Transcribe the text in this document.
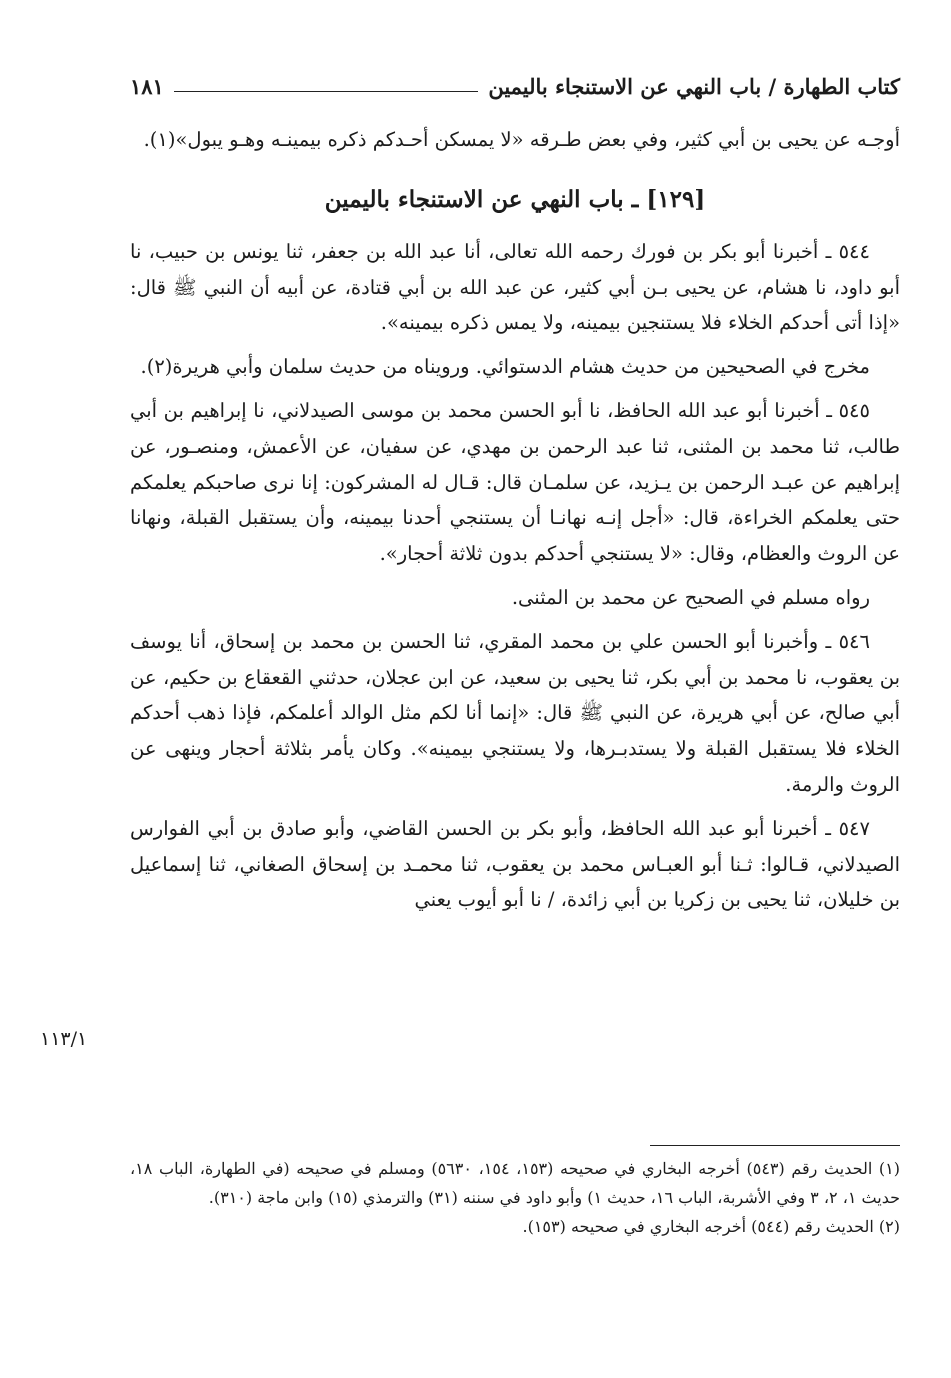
كتاب الطهارة / باب النهي عن الاستنجاء باليمين
١٨١

أوجـه عن يحيى بن أبي كثير، وفي بعض طـرقه «لا يمسكن أحـدكم ذكره بيمينـه وهـو يبول»(١).

[١٢٩] ـ باب النهي عن الاستنجاء باليمين

٥٤٤ ـ أخبرنا أبو بكر بن فورك رحمه الله تعالى، أنا عبد الله بن جعفر، ثنا يونس بن حبيب، نا أبو داود، نا هشام، عن يحيى بـن أبي كثير، عن عبد الله بن أبي قتادة، عن أبيه أن النبي ﷺ قال: «إذا أتى أحدكم الخلاء فلا يستنجين بيمينه، ولا يمس ذكره بيمينه».

مخرج في الصحيحين من حديث هشام الدستوائي. ورويناه من حديث سلمان وأبي هريرة(٢).

٥٤٥ ـ أخبرنا أبو عبد الله الحافظ، نا أبو الحسن محمد بن موسى الصيدلاني، نا إبراهيم بن أبي طالب، ثنا محمد بن المثنى، ثنا عبد الرحمن بن مهدي، عن سفيان، عن الأعمش، ومنصـور، عن إبراهيم عن عبـد الرحمن بن يـزيد، عن سلمـان قال: قـال له المشركون: إنا نرى صاحبكم يعلمكم حتى يعلمكم الخراءة، قال: «أجل إنـه نهانـا أن يستنجي أحدنا بيمينه، وأن يستقبل القبلة، ونهانا عن الروث والعظام، وقال: «لا يستنجي أحدكم بدون ثلاثة أحجار».

رواه مسلم في الصحيح عن محمد بن المثنى.

٥٤٦ ـ وأخبرنا أبو الحسن علي بن محمد المقري، ثنا الحسن بن محمد بن إسحاق، أنا يوسف بن يعقوب، نا محمد بن أبي بكر، ثنا يحيى بن سعيد، عن ابن عجلان، حدثني القعقاع بن حكيم، عن أبي صالح، عن أبي هريرة، عن النبي ﷺ قال: «إنما أنا لكم مثل الوالد أعلمكم، فإذا ذهب أحدكم الخلاء فلا يستقبل القبلة ولا يستدبـرها، ولا يستنجي بيمينه». وكان يأمر بثلاثة أحجار وينهى عن الروث والرمة.

٥٤٧ ـ أخبرنا أبو عبد الله الحافظ، وأبو بكر بن الحسن القاضي، وأبو صادق بن أبي الفوارس الصيدلاني، قـالوا: ثـنا أبو العبـاس محمد بن يعقوب، ثنا محمـد بن إسحاق الصغاني، ثنا إسماعيل بن خليلان، ثنا يحيى بن زكريا بن أبي زائدة، / نا أبو أيوب يعني

١١٣/١

(١) الحديث رقم (٥٤٣) أخرجه البخاري في صحيحه (١٥٣، ١٥٤، ٥٦٣٠) ومسلم في صحيحه (في الطهارة، الباب ١٨، حديث ١، ٢، ٣ وفي الأشربة، الباب ١٦، حديث ١) وأبو داود في سننه (٣١) والترمذي (١٥) وابن ماجة (٣١٠).

(٢) الحديث رقم (٥٤٤) أخرجه البخاري في صحيحه (١٥٣).
